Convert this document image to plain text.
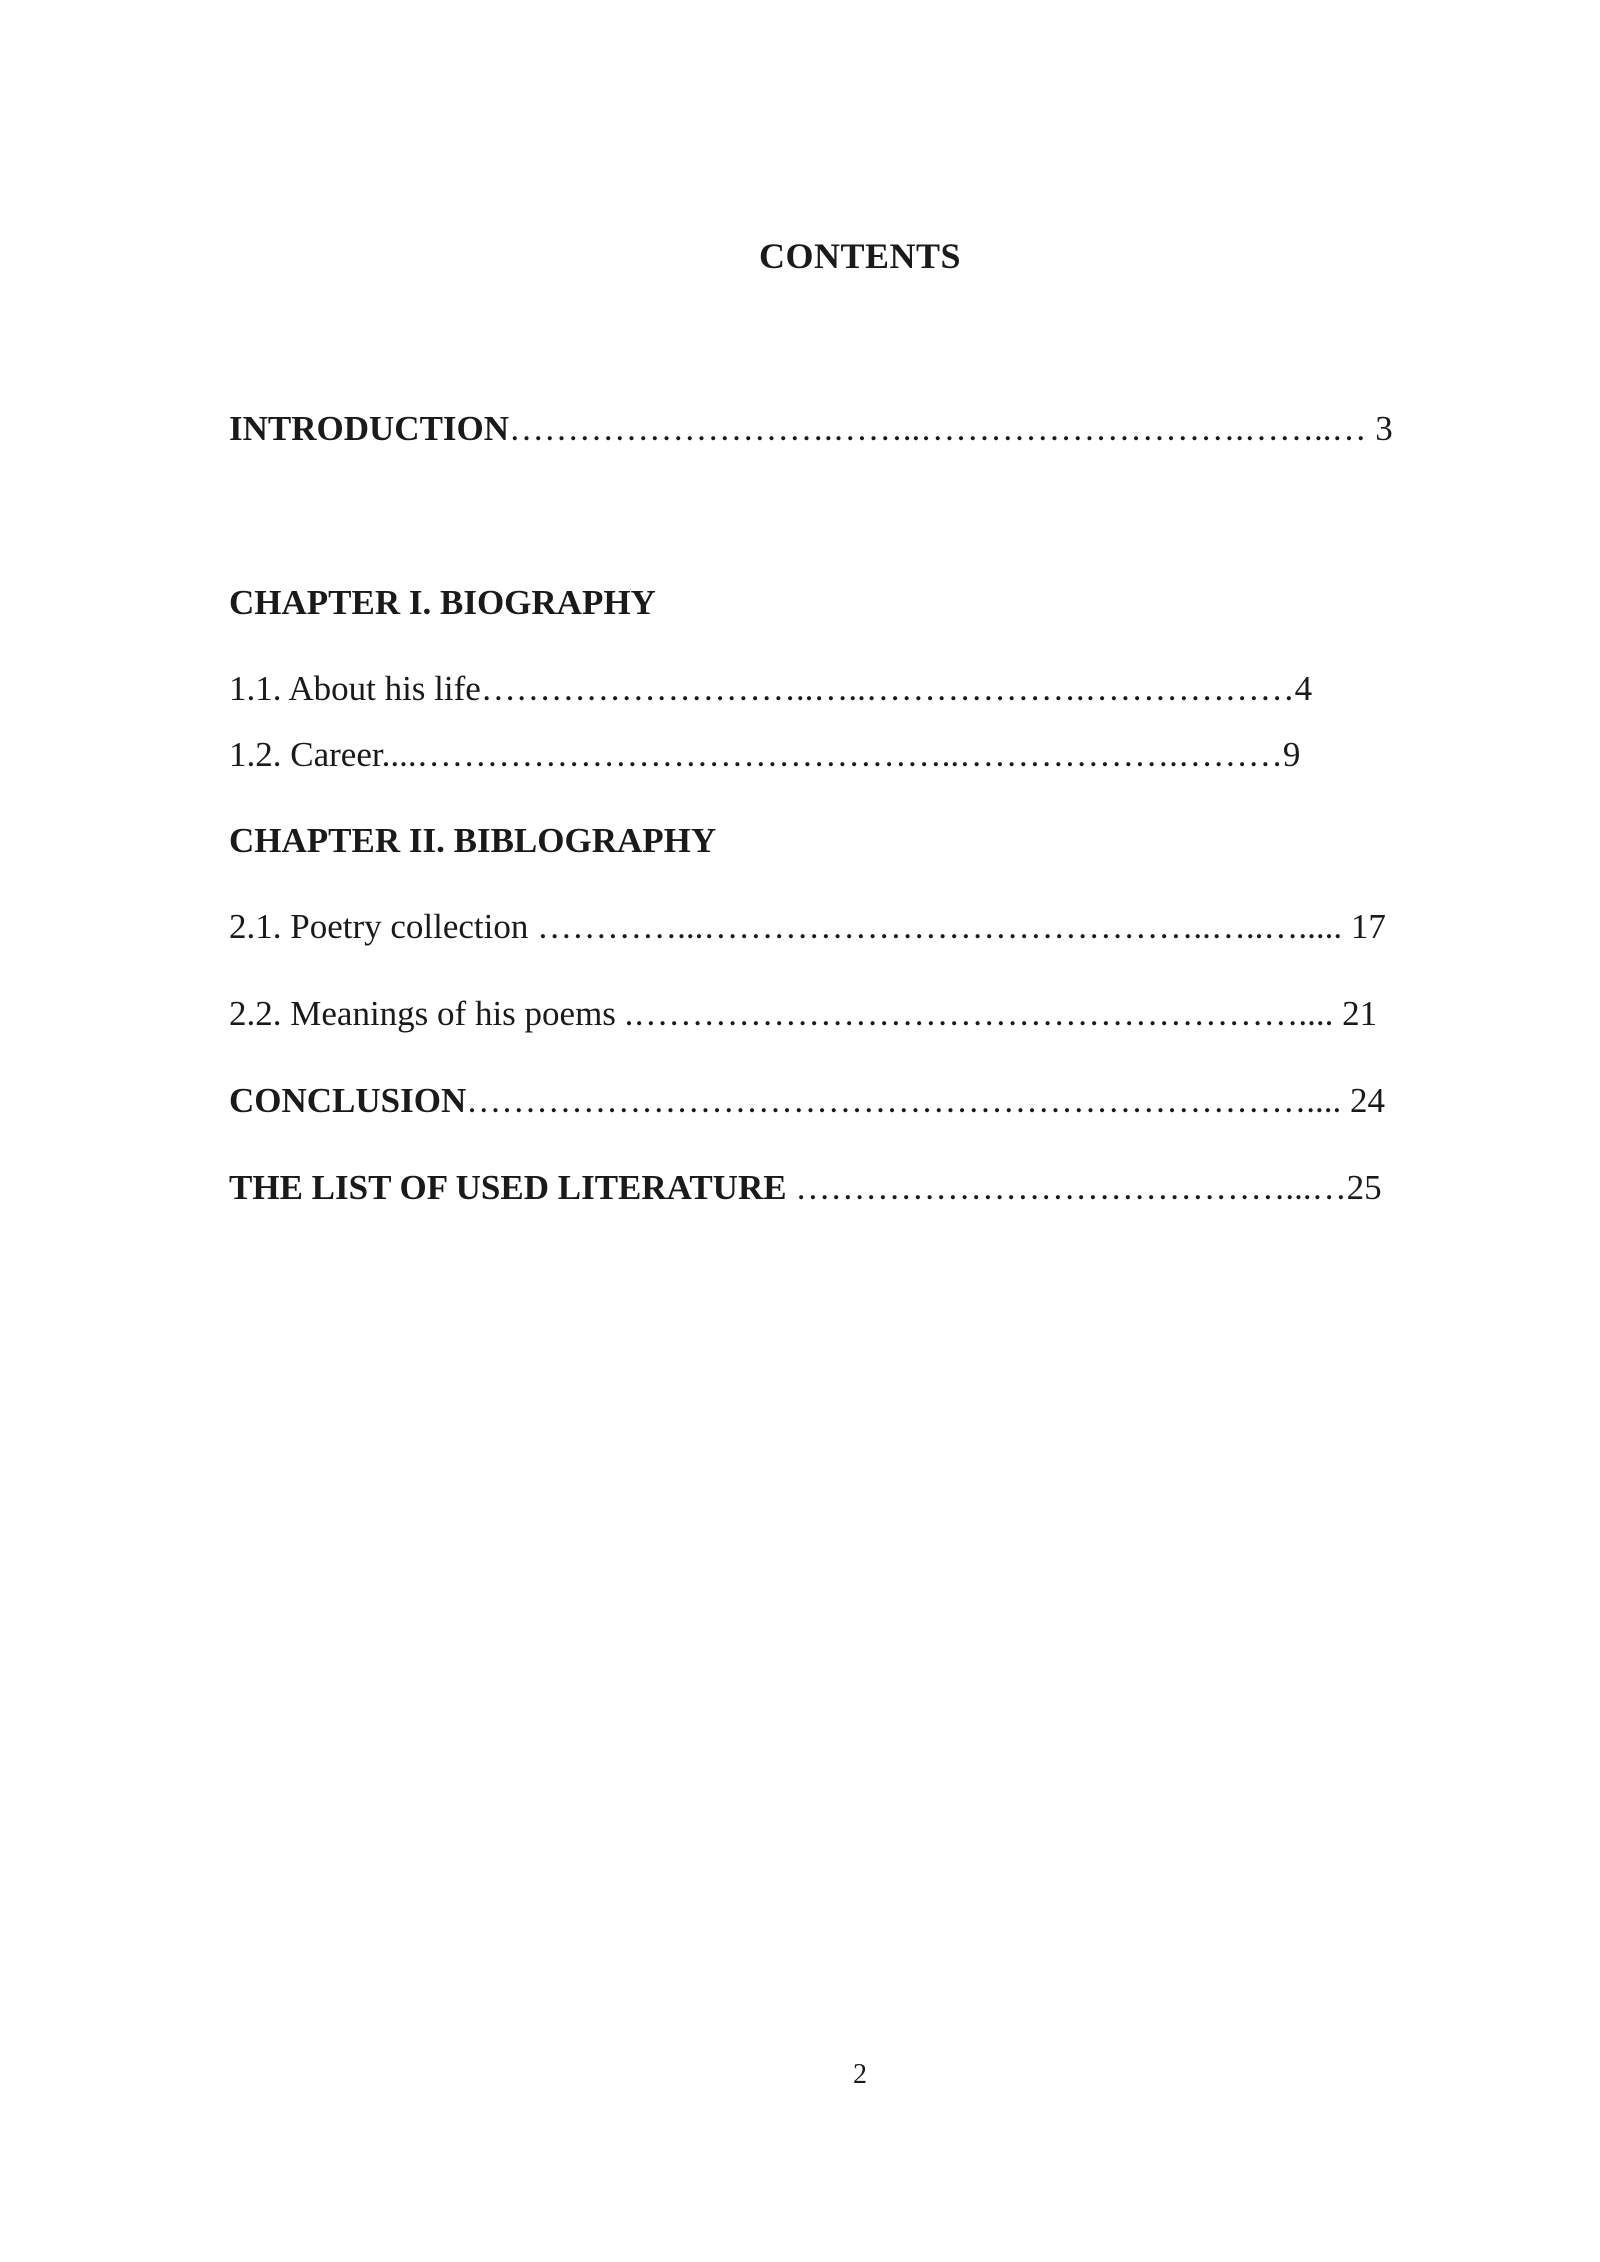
CONTENTS
INTRODUCTION……………………….……..……………………….……..… 3
CHAPTER I. BIOGRAPHY
1.1. About his life………………………..…..……………….………………4
1.2. Career....………………………………………..……………….………9
CHAPTER II. BIBLOGRAPHY
2.1. Poetry collection …………...……………………………………..…..…..... 17
2.2. Meanings of his poems .………………………………………………….... 21
CONCLUSION……………………………………………………………….... 24
THE LIST OF USED LITERATURE ……………………………………...…25
2
